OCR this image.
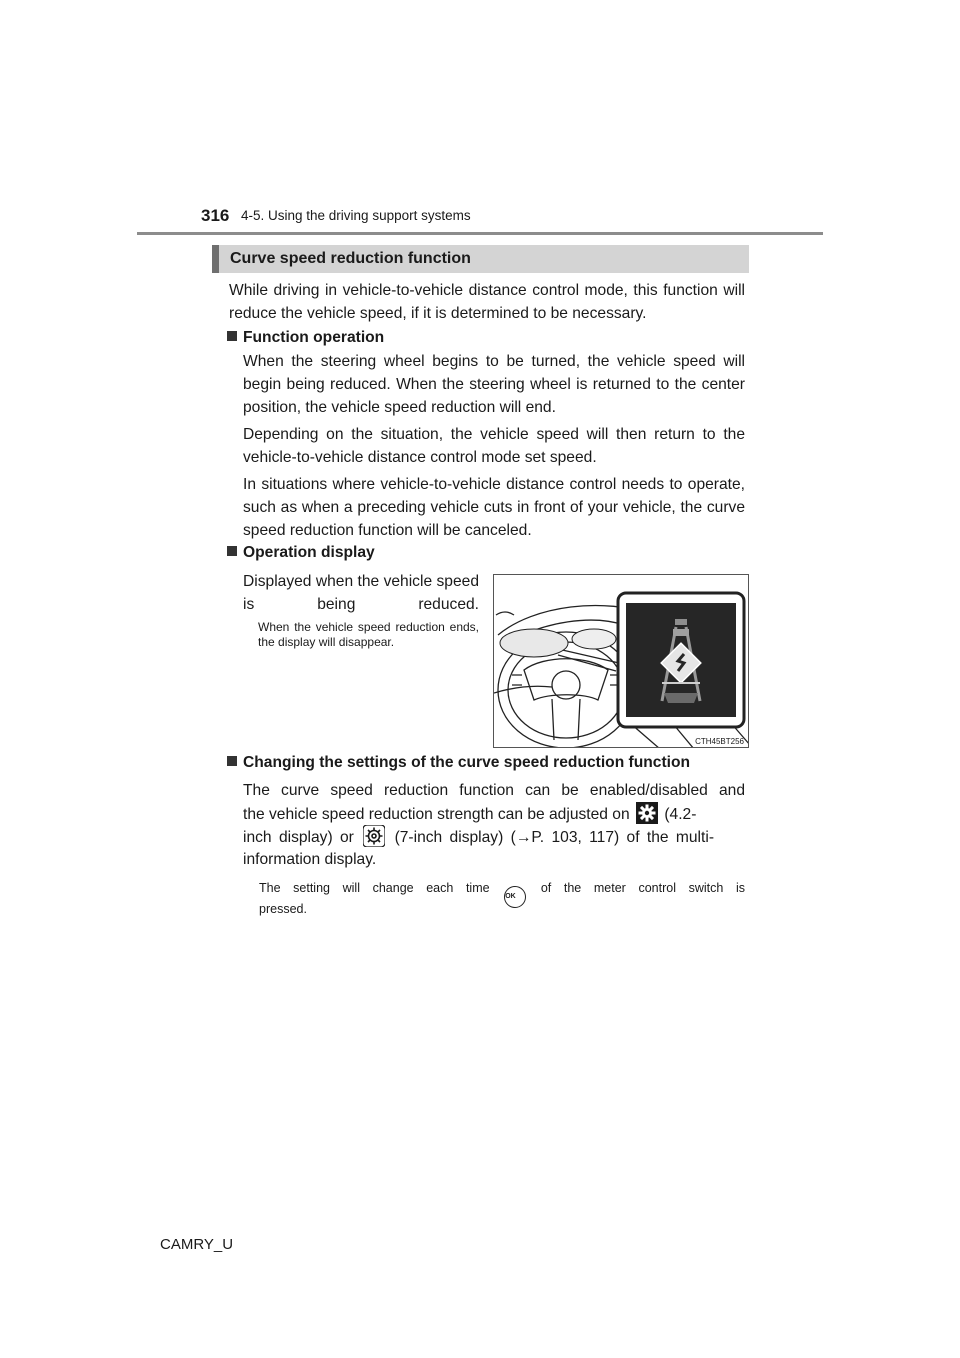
316 4-5. Using the driving support systems
Curve speed reduction function
While driving in vehicle-to-vehicle distance control mode, this function will reduce the vehicle speed, if it is determined to be necessary.
Function operation
When the steering wheel begins to be turned, the vehicle speed will begin being reduced. When the steering wheel is returned to the center position, the vehicle speed reduction will end.
Depending on the situation, the vehicle speed will then return to the vehicle-to-vehicle distance control mode set speed.
In situations where vehicle-to-vehicle distance control needs to operate, such as when a preceding vehicle cuts in front of your vehicle, the curve speed reduction function will be canceled.
Operation display
Displayed when the vehicle speed is being reduced.
When the vehicle speed reduction ends, the display will disappear.
CTH45BT256
Changing the settings of the curve speed reduction function
The curve speed reduction function can be enabled/disabled and
the vehicle speed reduction strength can be adjusted on (4.2-
inch display) or	(7-inch display) (→P. 103, 117) of the multi-
information display.
The setting will change each time OK of the meter control switch is
pressed.
CAMRY_U
